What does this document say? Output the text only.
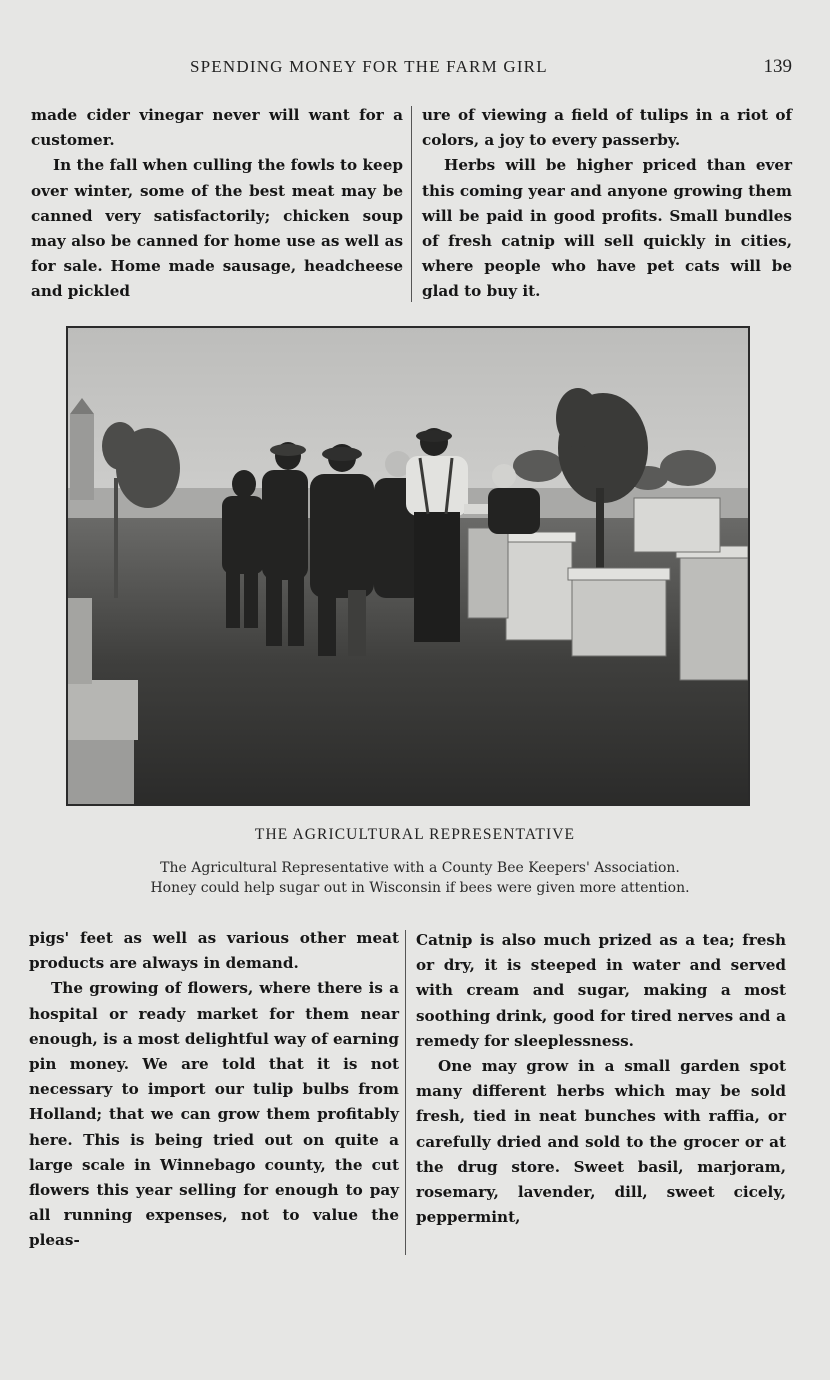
SPENDING MONEY FOR THE FARM GIRL	139

made cider vinegar never will want for a customer.

In the fall when culling the fowls to keep over winter, some of the best meat may be canned very satisfactorily; chicken soup may also be canned for home use as well as for sale. Home made sausage, headcheese and pickled

ure of viewing a field of tulips in a riot of colors, a joy to every passerby.

Herbs will be higher priced than ever this coming year and anyone growing them will be paid in good profits. Small bundles of fresh catnip will sell quickly in cities, where people who have pet cats will be glad to buy it.

THE AGRICULTURAL REPRESENTATIVE
The Agricultural Representative with a County Bee Keepers' Association.
Honey could help sugar out in Wisconsin if bees were given more attention.

pigs' feet as well as various other meat products are always in demand.

The growing of flowers, where there is a hospital or ready market for them near enough, is a most delightful way of earning pin money. We are told that it is not necessary to import our tulip bulbs from Holland; that we can grow them profitably here. This is being tried out on quite a large scale in Winnebago county, the cut flowers this year selling for enough to pay all running expenses, not to value the pleas-

Catnip is also much prized as a tea; fresh or dry, it is steeped in water and served with cream and sugar, making a most soothing drink, good for tired nerves and a remedy for sleeplessness.

One may grow in a small garden spot many different herbs which may be sold fresh, tied in neat bunches with raffia, or carefully dried and sold to the grocer or at the drug store. Sweet basil, marjoram, rosemary, lavender, dill, sweet cicely, peppermint,
